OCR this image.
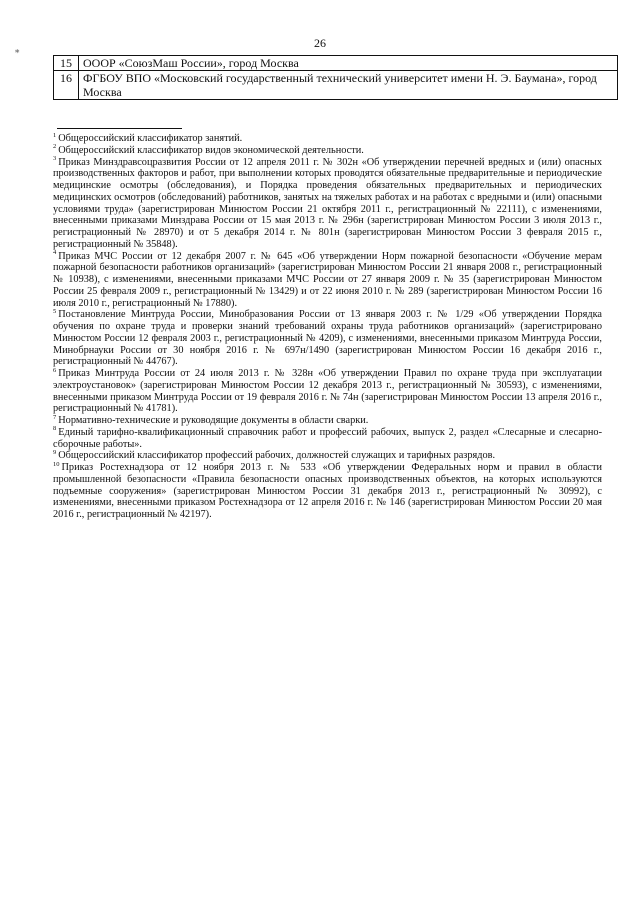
∗
26
15	ОООР «СоюзМаш России», город Москва
16	ФГБОУ ВПО «Московский государственный технический университет имени Н. Э. Баумана», город Москва

$^1$ Общероссийский классификатор занятий.

$^2$ Общероссийский классификатор видов экономической деятельности.

$^3$ Приказ Минздравсоцразвития России от 12 апреля 2011 г. № 302н «Об утверждении перечней вредных и (или) опасных производственных факторов и работ, при выполнении которых проводятся обязательные предварительные и периодические медицинские осмотры (обследования), и Порядка проведения обязательных предварительных и периодических медицинских осмотров (обследований) работников, занятых на тяжелых работах и на работах с вредными и (или) опасными условиями труда» (зарегистрирован Минюстом России 21 октября 2011 г., регистрационный № 22111), с изменениями, внесенными приказами Минздрава России от 15 мая 2013 г. № 296н (зарегистрирован Минюстом России 3 июля 2013 г., регистрационный № 28970) и от 5 декабря 2014 г. № 801н (зарегистрирован Минюстом России 3 февраля 2015 г., регистрационный № 35848).

$^4$ Приказ МЧС России от 12 декабря 2007 г. № 645 «Об утверждении Норм пожарной безопасности «Обучение мерам пожарной безопасности работников организаций» (зарегистрирован Минюстом России 21 января 2008 г., регистрационный № 10938), с изменениями, внесенными приказами МЧС России от 27 января 2009 г. № 35 (зарегистрирован Минюстом России 25 февраля 2009 г., регистрационный № 13429) и от 22 июня 2010 г. № 289 (зарегистрирован Минюстом России 16 июля 2010 г., регистрационный № 17880).

$^5$ Постановление Минтруда России, Минобразования России от 13 января 2003 г. № 1/29 «Об утверждении Порядка обучения по охране труда и проверки знаний требований охраны труда работников организаций» (зарегистрировано Минюстом России 12 февраля 2003 г., регистрационный № 4209), с изменениями, внесенными приказом Минтруда России, Минобрнауки России от 30 ноября 2016 г. № 697н/1490 (зарегистрирован Минюстом России 16 декабря 2016 г., регистрационный № 44767).

$^6$ Приказ Минтруда России от 24 июля 2013 г. № 328н «Об утверждении Правил по охране труда при эксплуатации электроустановок» (зарегистрирован Минюстом России 12 декабря 2013 г., регистрационный № 30593), с изменениями, внесенными приказом Минтруда России от 19 февраля 2016 г. № 74н (зарегистрирован Минюстом России 13 апреля 2016 г., регистрационный № 41781).

$^7$ Нормативно-технические и руководящие документы в области сварки.

$^8$ Единый тарифно-квалификационный справочник работ и профессий рабочих, выпуск 2, раздел «Слесарные и слесарно-сборочные работы».

$^9$ Общероссийский классификатор профессий рабочих, должностей служащих и тарифных разрядов.

$^{10}$ Приказ Ростехнадзора от 12 ноября 2013 г. № 533 «Об утверждении Федеральных норм и правил в области промышленной безопасности «Правила безопасности опасных производственных объектов, на которых используются подъемные сооружения» (зарегистрирован Минюстом России 31 декабря 2013 г., регистрационный № 30992), с изменениями, внесенными приказом Ростехнадзора от 12 апреля 2016 г. № 146 (зарегистрирован Минюстом России 20 мая 2016 г., регистрационный № 42197).
